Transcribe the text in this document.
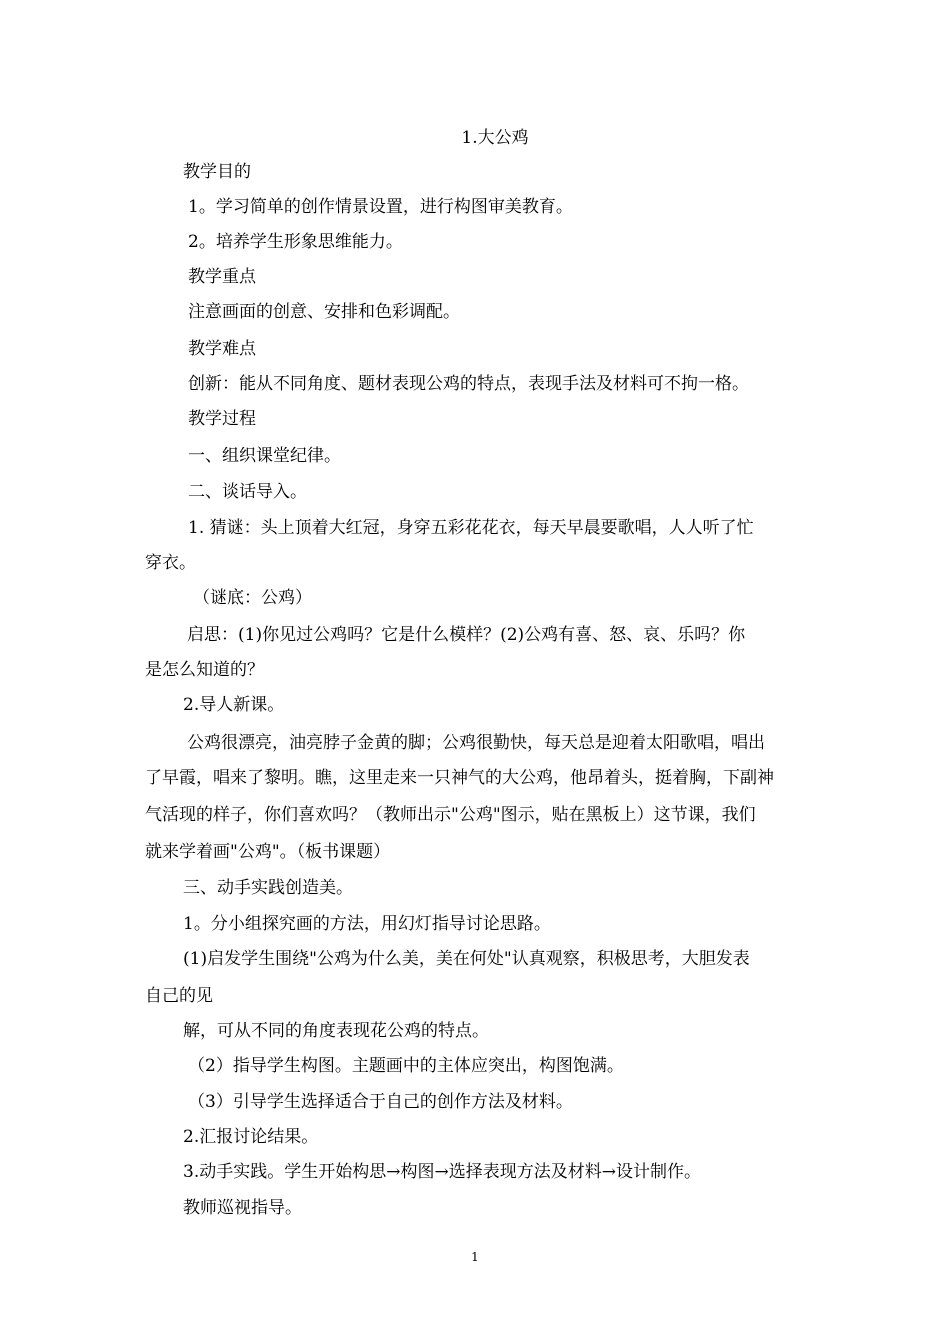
1.大公鸡
教学目的
1。学习简单的创作情景设置，进行构图审美教育。
2。培养学生形象思维能力。
教学重点
注意画面的创意、安排和色彩调配。
教学难点
创新：能从不同角度、题材表现公鸡的特点，表现手法及材料可不拘一格。
教学过程
一、组织课堂纪律。
二、谈话导入。
1. 猜谜：头上顶着大红冠，身穿五彩花花衣，每天早晨要歌唱，人人听了忙
穿衣。
（谜底：公鸡）
启思：(1)你见过公鸡吗？它是什么模样？(2)公鸡有喜、怒、哀、乐吗？你
是怎么知道的？
2.导人新课。
公鸡很漂亮，油亮脖子金黄的脚；公鸡很勤快，每天总是迎着太阳歌唱，唱出
了早霞，唱来了黎明。瞧，这里走来一只神气的大公鸡，他昂着头，挺着胸，下副神
气活现的样子，你们喜欢吗？（教师出示"公鸡"图示，贴在黑板上）这节课，我们
就来学着画"公鸡"。（板书课题）
三、动手实践创造美。
1。分小组探究画的方法，用幻灯指导讨论思路。
(1)启发学生围绕"公鸡为什么美，美在何处"认真观察，积极思考，大胆发表
自己的见
解，可从不同的角度表现花公鸡的特点。
（2）指导学生构图。主题画中的主体应突出，构图饱满。
（3）引导学生选择适合于自己的创作方法及材料。
2.汇报讨论结果。
3.动手实践。学生开始构思→构图→选择表现方法及材料→设计制作。
教师巡视指导。
1
